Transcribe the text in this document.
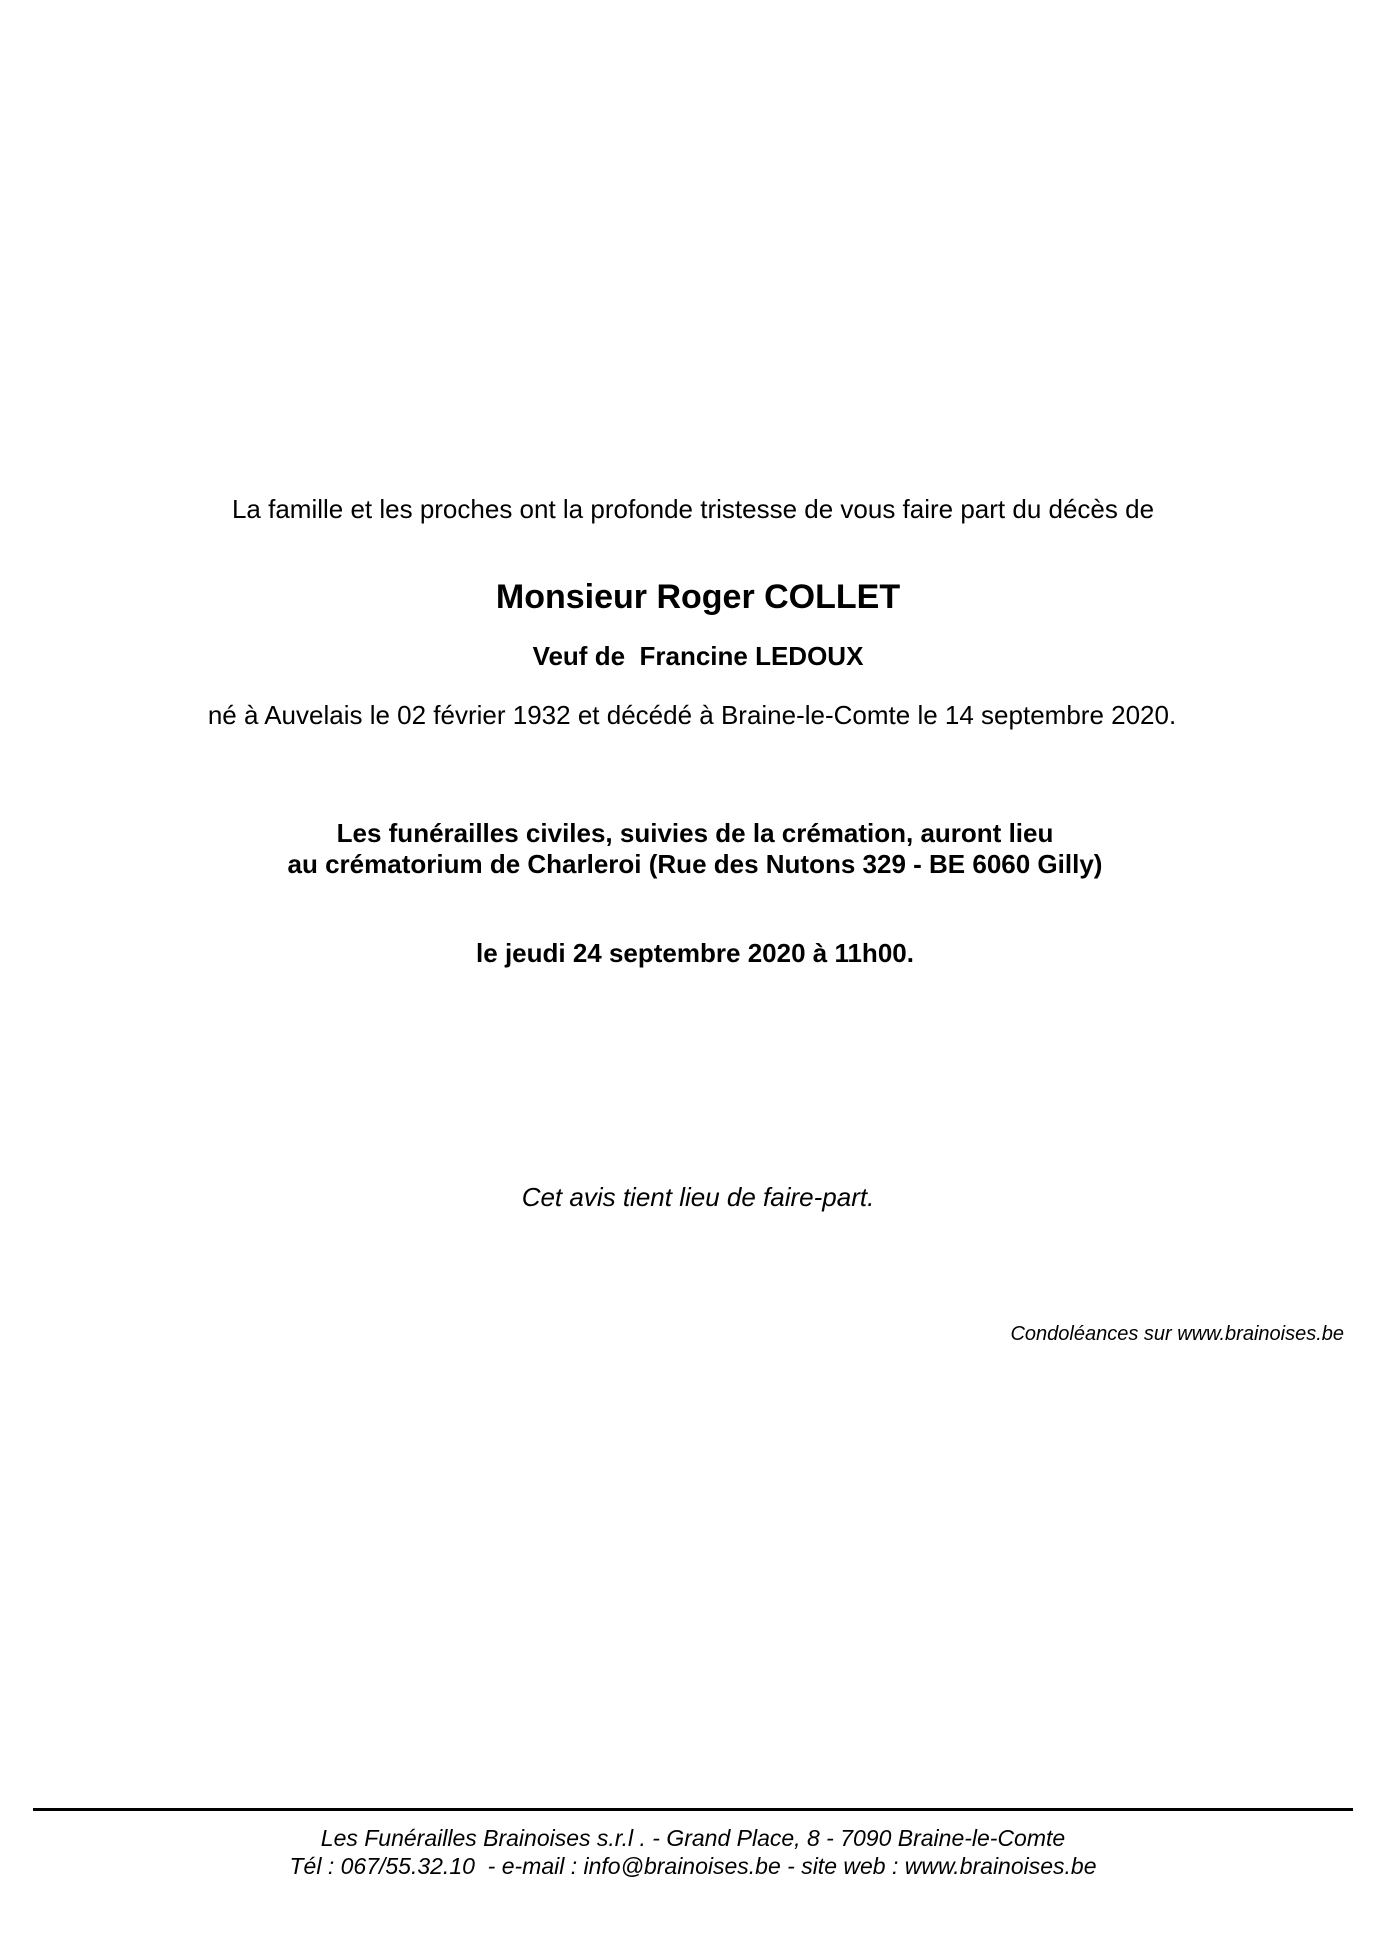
La famille et les proches ont la profonde tristesse de vous faire part du décès de
Monsieur Roger COLLET
Veuf de  Francine LEDOUX
né à Auvelais le 02 février 1932 et décédé à Braine-le-Comte le 14 septembre 2020.
Les funérailles civiles, suivies de la crémation, auront lieu
au crématorium de Charleroi (Rue des Nutons 329 - BE 6060 Gilly)
le jeudi 24 septembre 2020 à 11h00.
Cet avis tient lieu de faire-part.
Condoléances sur www.brainoises.be
Les Funérailles Brainoises s.r.l . - Grand Place, 8 - 7090 Braine-le-Comte
Tél : 067/55.32.10  - e-mail : info@brainoises.be - site web : www.brainoises.be
